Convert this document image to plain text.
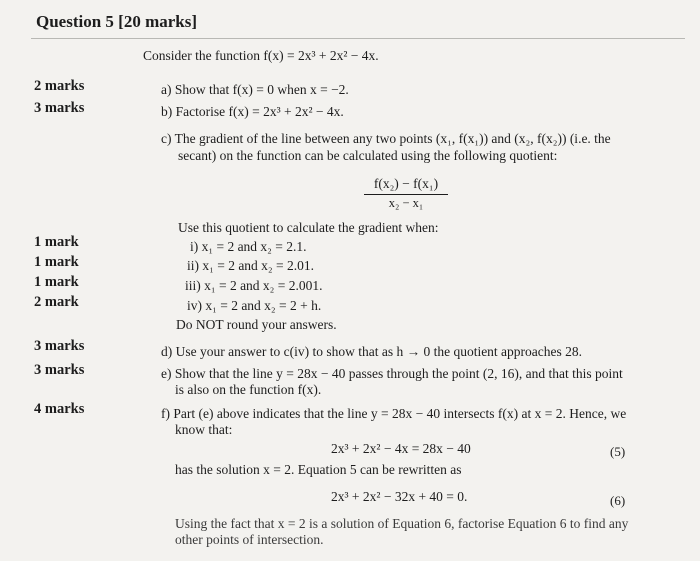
Question 5 [20 marks]
Consider the function f(x) = 2x³ + 2x² − 4x.
2 marks
3 marks
1 mark
1 mark
1 mark
2 mark
3 marks
3 marks
4 marks
a) Show that f(x) = 0 when x = −2.
b) Factorise f(x) = 2x³ + 2x² − 4x.
c) The gradient of the line between any two points (x₁, f(x₁)) and (x₂, f(x₂)) (i.e. the
secant) on the function can be calculated using the following quotient:
f(x₂) − f(x₁)
x₂ − x₁
Use this quotient to calculate the gradient when:
i) x₁ = 2 and x₂ = 2.1.
ii) x₁ = 2 and x₂ = 2.01.
iii) x₁ = 2 and x₂ = 2.001.
iv) x₁ = 2 and x₂ = 2 + h.
Do NOT round your answers.
d) Use your answer to c(iv) to show that as h → 0 the quotient approaches 28.
e) Show that the line y = 28x − 40 passes through the point (2, 16), and that this point
is also on the function f(x).
f) Part (e) above indicates that the line y = 28x − 40 intersects f(x) at x = 2. Hence, we
know that:
2x³ + 2x² − 4x = 28x − 40	(5)
has the solution x = 2. Equation 5 can be rewritten as
2x³ + 2x² − 32x + 40 = 0.	(6)
Using the fact that x = 2 is a solution of Equation 6, factorise Equation 6 to find any
other points of intersection.
